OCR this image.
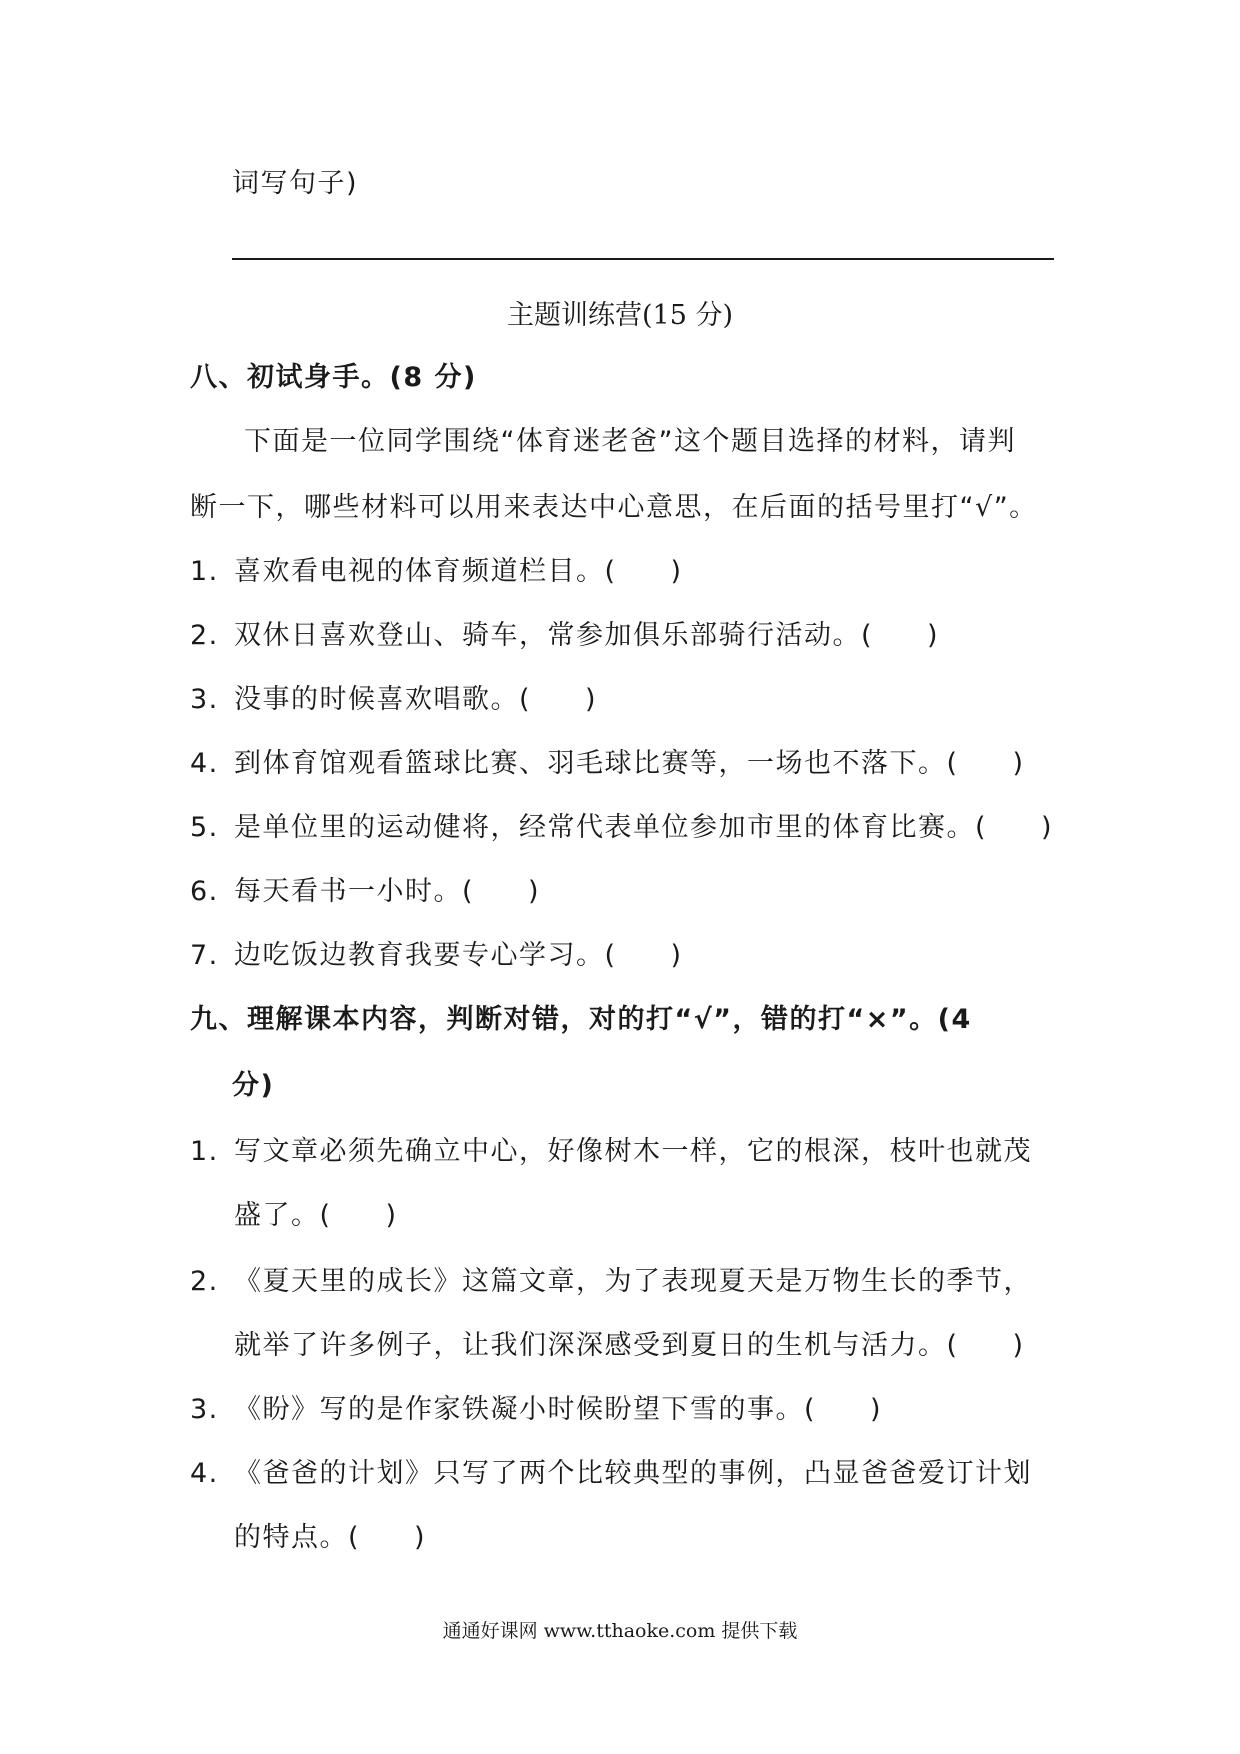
词写句子)
主题训练营(15 分)
八、初试身手。(8 分)
下面是一位同学围绕“体育迷老爸”这个题目选择的材料，请判
断一下，哪些材料可以用来表达中心意思，在后面的括号里打“√”。
1. 喜欢看电视的体育频道栏目。( )
2. 双休日喜欢登山、骑车，常参加俱乐部骑行活动。( )
3. 没事的时候喜欢唱歌。( )
4. 到体育馆观看篮球比赛、羽毛球比赛等，一场也不落下。( )
5. 是单位里的运动健将，经常代表单位参加市里的体育比赛。( )
6. 每天看书一小时。( )
7. 边吃饭边教育我要专心学习。( )
九、理解课本内容，判断对错，对的打“√”，错的打“×”。(4
分)
1. 写文章必须先确立中心，好像树木一样，它的根深，枝叶也就茂
盛了。( )
2. 《夏天里的成长》这篇文章，为了表现夏天是万物生长的季节，
就举了许多例子，让我们深深感受到夏日的生机与活力。( )
3. 《盼》写的是作家铁凝小时候盼望下雪的事。( )
4. 《爸爸的计划》只写了两个比较典型的事例，凸显爸爸爱订计划
的特点。( )
通通好课网 www.tthaoke.com 提供下载
